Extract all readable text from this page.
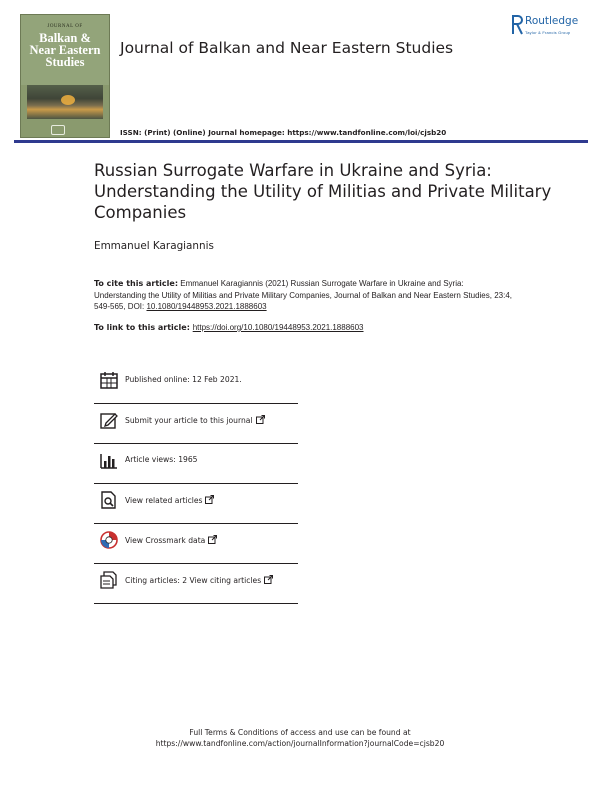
JOURNAL OF
Balkan &
Near Eastern
Studies
Journal of Balkan and Near Eastern Studies
Routledge
Taylor & Francis Group
ISSN: (Print) (Online) Journal homepage: https://www.tandfonline.com/loi/cjsb20
Russian Surrogate Warfare in Ukraine and Syria: Understanding the Utility of Militias and Private Military Companies
Emmanuel Karagiannis
To cite this article: Emmanuel Karagiannis (2021) Russian Surrogate Warfare in Ukraine and Syria: Understanding the Utility of Militias and Private Military Companies, Journal of Balkan and Near Eastern Studies, 23:4, 549-565, DOI: 10.1080/19448953.2021.1888603
To link to this article: https://doi.org/10.1080/19448953.2021.1888603
Published online: 12 Feb 2021.
Submit your article to this journal
Article views: 1965
View related articles
View Crossmark data
Citing articles: 2 View citing articles
Full Terms & Conditions of access and use can be found at
https://www.tandfonline.com/action/journalInformation?journalCode=cjsb20
